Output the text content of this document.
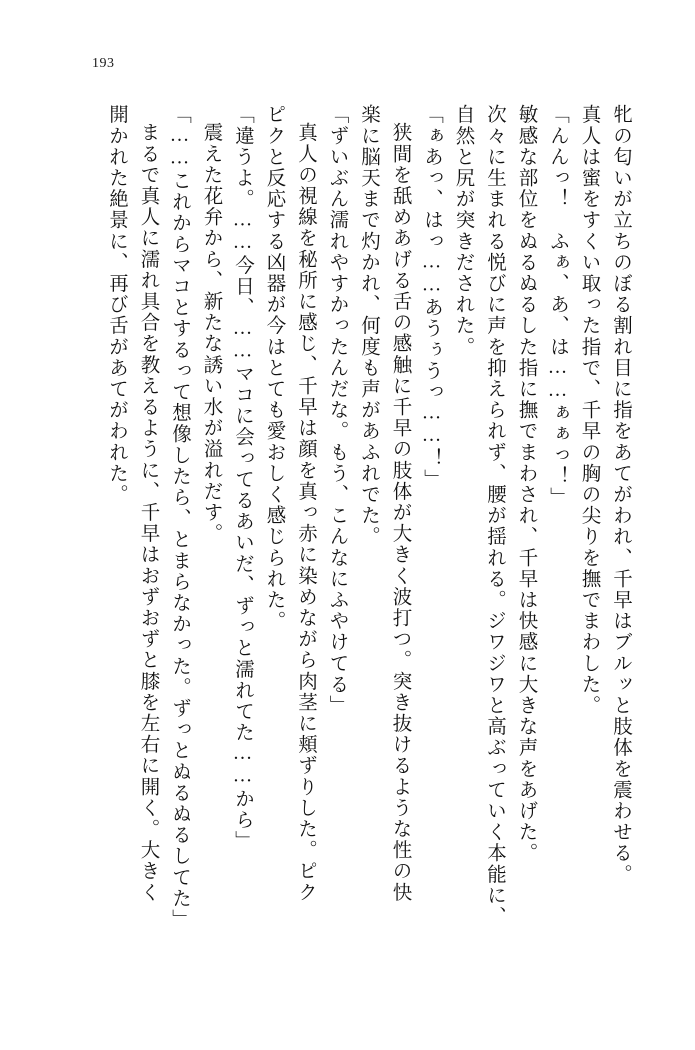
193
牝の匂いが立ちのぼる割れ目に指をあてがわれ、千早はブルッと肢体を震わせる。
真人は蜜をすくい取った指で、千早の胸の尖りを撫でまわした。
「んんっ！　ふぁ、あ、は……ぁぁっ！」
敏感な部位をぬるぬるした指に撫でまわされ、千早は快感に大きな声をあげた。
次々に生まれる悦びに声を抑えられず、腰が揺れる。ジワジワと高ぶっていく本能に、
自然と尻が突きだされた。
「ぁあっ、はっ……あうぅうっ……！」
狭間を舐めあげる舌の感触に千早の肢体が大きく波打つ。突き抜けるような性の快
楽に脳天まで灼かれ、何度も声があふれでた。
「ずいぶん濡れやすかったんだな。もう、こんなにふやけてる」
真人の視線を秘所に感じ、千早は顔を真っ赤に染めながら肉茎に頬ずりした。ピク
ピクと反応する凶器が今はとても愛おしく感じられた。
「違うよ。……今日、……マコに会ってるあいだ、ずっと濡れてた……から」
震えた花弁から、新たな誘い水が溢れだす。
「……これからマコとするって想像したら、とまらなかった。ずっとぬるぬるしてた」
まるで真人に濡れ具合を教えるように、千早はおずおずと膝を左右に開く。大きく
開かれた絶景に、再び舌があてがわれた。
